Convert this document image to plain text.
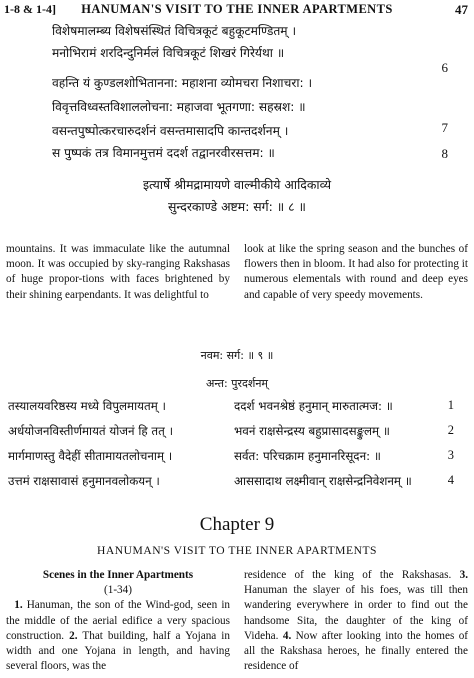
1-8 & 1-4]	HANUMAN'S VISIT TO THE INNER APARTMENTS	47
विशेषमालम्ब्य विशेषसंस्थितं विचित्रकूटं बहुकूटमण्डितम् ।
मनोभिरामं शरदिन्दुनिर्मलं विचित्रकूटं शिखरं गिरेर्यथा ॥
6
वहन्ति यं कुण्डलशोभितानना: महाशना व्योमचरा निशाचरा: ।
विवृत्तविध्वस्तविशाललोचना: महाजवा भूतगणा: सहस्रश: ॥
7
वसन्तपुष्पोत्करचारुदर्शनं वसन्तमासादपि कान्तदर्शनम् ।
स पुष्पकं तत्र विमानमुत्तमं ददर्श तद्वानरवीरसत्तम: ॥	8
इत्यार्षे श्रीमद्रामायणे वाल्मीकीये आदिकाव्ये
सुन्दरकाण्डे अष्टम: सर्ग: ॥ ८ ॥

mountains. It was immaculate like the autumnal moon. It was occupied by sky-ranging Rakshasas of huge propor-tions with faces brightened by their shining earpendants. It was delightful to

look at like the spring season and the bunches of flowers then in bloom. It had also for protecting it numerous elementals with round and deep eyes and capable of very speedy movements.

नवम: सर्ग: ॥ ९ ॥
अन्त: पुरदर्शनम्
तस्यालयवरिष्ठस्य मध्ये विपुलमायतम् ।	ददर्श भवनश्रेष्ठं हनुमान् मारुतात्मज: ॥	1
अर्धयोजनविस्तीर्णमायतं योजनं हि तत् ।	भवनं राक्षसेन्द्रस्य बहुप्रासादसङ्कुलम् ॥	2
मार्गमाणस्तु वैदेहीं सीतामायतलोचनाम् ।	सर्वत: परिचक्राम हनुमानरिसूदन: ॥	3
उत्तमं राक्षसावासं हनुमानवलोकयन् ।	आससादाथ लक्ष्मीवान् राक्षसेन्द्रनिवेशनम् ॥	4
Chapter 9
HANUMAN'S VISIT TO THE INNER APARTMENTS

Scenes in the Inner Apartments

(1-34)

1. Hanuman, the son of the Wind-god, seen in the middle of the aerial edifice a very spacious construction. 2. That building, half a Yojana in width and one Yojana in length, and having several floors, was the

residence of the king of the Rakshasas. 3. Hanuman the slayer of his foes, was till then wandering everywhere in order to find out the handsome Sita, the daughter of the king of Videha. 4. Now after looking into the homes of all the Rakshasa heroes, he finally entered the residence of
